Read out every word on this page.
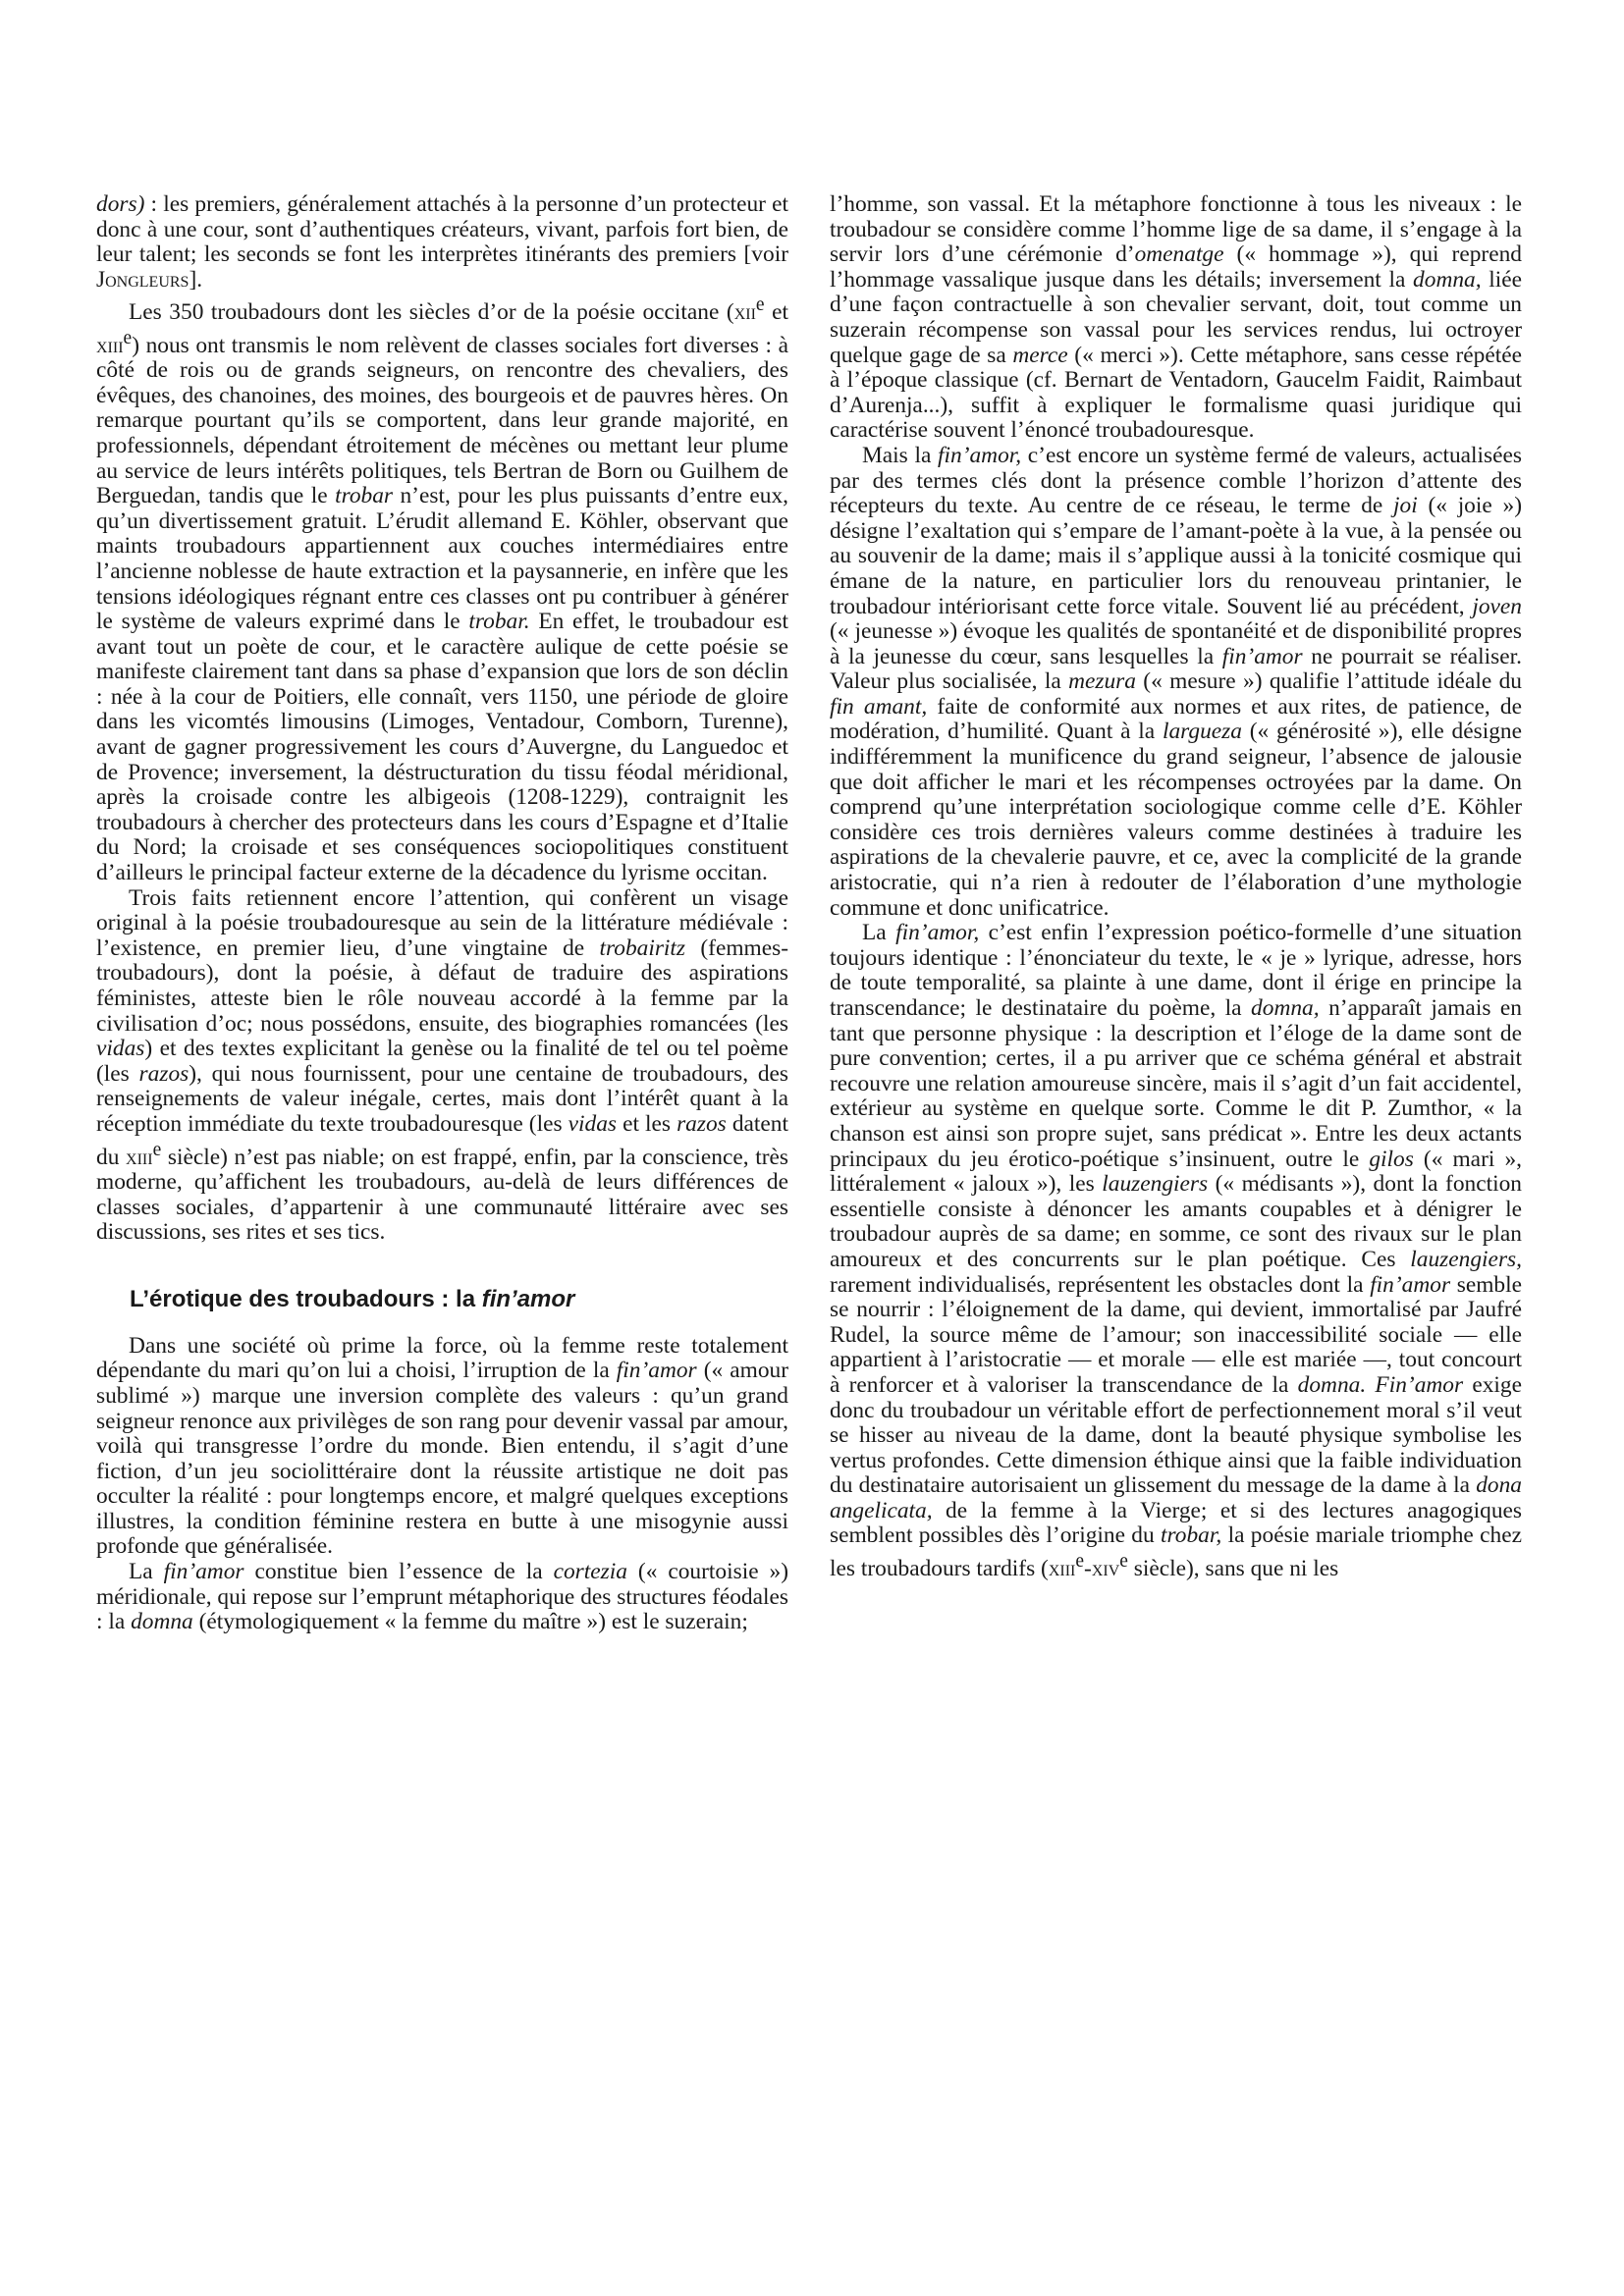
dors) : les premiers, généralement attachés à la personne d’un protecteur et donc à une cour, sont d’authentiques créateurs, vivant, parfois fort bien, de leur talent; les seconds se font les interprètes itinérants des premiers [voir Jongleurs].

Les 350 troubadours dont les siècles d’or de la poésie occitane (xii$^e$ et xiii$^e$) nous ont transmis le nom relèvent de classes sociales fort diverses : à côté de rois ou de grands seigneurs, on rencontre des chevaliers, des évêques, des chanoines, des moines, des bourgeois et de pauvres hères. On remarque pourtant qu’ils se comportent, dans leur grande majorité, en professionnels, dépendant étroitement de mécènes ou mettant leur plume au service de leurs intérêts politiques, tels Bertran de Born ou Guilhem de Berguedan, tandis que le trobar n’est, pour les plus puissants d’entre eux, qu’un divertissement gratuit. L’érudit allemand E. Köhler, observant que maints troubadours appartiennent aux couches intermédiaires entre l’ancienne noblesse de haute extraction et la paysannerie, en infère que les tensions idéologiques régnant entre ces classes ont pu contribuer à générer le système de valeurs exprimé dans le trobar. En effet, le troubadour est avant tout un poète de cour, et le caractère aulique de cette poésie se manifeste clairement tant dans sa phase d’expansion que lors de son déclin : née à la cour de Poitiers, elle connaît, vers 1150, une période de gloire dans les vicomtés limousins (Limoges, Ventadour, Comborn, Turenne), avant de gagner progressivement les cours d’Auvergne, du Languedoc et de Provence; inversement, la déstructuration du tissu féodal méridional, après la croisade contre les albigeois (1208-1229), contraignit les troubadours à chercher des protecteurs dans les cours d’Espagne et d’Italie du Nord; la croisade et ses conséquences sociopolitiques constituent d’ailleurs le principal facteur externe de la décadence du lyrisme occitan.

Trois faits retiennent encore l’attention, qui confèrent un visage original à la poésie troubadouresque au sein de la littérature médiévale : l’existence, en premier lieu, d’une vingtaine de trobairitz (femmes-troubadours), dont la poésie, à défaut de traduire des aspirations féministes, atteste bien le rôle nouveau accordé à la femme par la civilisation d’oc; nous possédons, ensuite, des biographies romancées (les vidas) et des textes explicitant la genèse ou la finalité de tel ou tel poème (les razos), qui nous fournissent, pour une centaine de troubadours, des renseignements de valeur inégale, certes, mais dont l’intérêt quant à la réception immédiate du texte troubadouresque (les vidas et les razos datent du xiii$^e$ siècle) n’est pas niable; on est frappé, enfin, par la conscience, très moderne, qu’affichent les troubadours, au-delà de leurs différences de classes sociales, d’appartenir à une communauté littéraire avec ses discussions, ses rites et ses tics.

L’érotique des troubadours : la fin’amor

Dans une société où prime la force, où la femme reste totalement dépendante du mari qu’on lui a choisi, l’irruption de la fin’amor (« amour sublimé ») marque une inversion complète des valeurs : qu’un grand seigneur renonce aux privilèges de son rang pour devenir vassal par amour, voilà qui transgresse l’ordre du monde. Bien entendu, il s’agit d’une fiction, d’un jeu sociolittéraire dont la réussite artistique ne doit pas occulter la réalité : pour longtemps encore, et malgré quelques exceptions illustres, la condition féminine restera en butte à une misogynie aussi profonde que généralisée.

La fin’amor constitue bien l’essence de la cortezia (« courtoisie ») méridionale, qui repose sur l’emprunt métaphorique des structures féodales : la domna (étymologiquement « la femme du maître ») est le suzerain;

l’homme, son vassal. Et la métaphore fonctionne à tous les niveaux : le troubadour se considère comme l’homme lige de sa dame, il s’engage à la servir lors d’une cérémonie d’omenatge (« hommage »), qui reprend l’hommage vassalique jusque dans les détails; inversement la domna, liée d’une façon contractuelle à son chevalier servant, doit, tout comme un suzerain récompense son vassal pour les services rendus, lui octroyer quelque gage de sa merce (« merci »). Cette métaphore, sans cesse répétée à l’époque classique (cf. Bernart de Ventadorn, Gaucelm Faidit, Raimbaut d’Aurenja...), suffit à expliquer le formalisme quasi juridique qui caractérise souvent l’énoncé troubadouresque.

Mais la fin’amor, c’est encore un système fermé de valeurs, actualisées par des termes clés dont la présence comble l’horizon d’attente des récepteurs du texte. Au centre de ce réseau, le terme de joi (« joie ») désigne l’exaltation qui s’empare de l’amant-poète à la vue, à la pensée ou au souvenir de la dame; mais il s’applique aussi à la tonicité cosmique qui émane de la nature, en particulier lors du renouveau printanier, le troubadour intériorisant cette force vitale. Souvent lié au précédent, joven (« jeunesse ») évoque les qualités de spontanéité et de disponibilité propres à la jeunesse du cœur, sans lesquelles la fin’amor ne pourrait se réaliser. Valeur plus socialisée, la mezura (« mesure ») qualifie l’attitude idéale du fin amant, faite de conformité aux normes et aux rites, de patience, de modération, d’humilité. Quant à la largueza (« générosité »), elle désigne indifféremment la munificence du grand seigneur, l’absence de jalousie que doit afficher le mari et les récompenses octroyées par la dame. On comprend qu’une interprétation sociologique comme celle d’E. Köhler considère ces trois dernières valeurs comme destinées à traduire les aspirations de la chevalerie pauvre, et ce, avec la complicité de la grande aristocratie, qui n’a rien à redouter de l’élaboration d’une mythologie commune et donc unificatrice.

La fin’amor, c’est enfin l’expression poético-formelle d’une situation toujours identique : l’énonciateur du texte, le « je » lyrique, adresse, hors de toute temporalité, sa plainte à une dame, dont il érige en principe la transcendance; le destinataire du poème, la domna, n’apparaît jamais en tant que personne physique : la description et l’éloge de la dame sont de pure convention; certes, il a pu arriver que ce schéma général et abstrait recouvre une relation amoureuse sincère, mais il s’agit d’un fait accidentel, extérieur au système en quelque sorte. Comme le dit P. Zumthor, « la chanson est ainsi son propre sujet, sans prédicat ». Entre les deux actants principaux du jeu érotico-poétique s’insinuent, outre le gilos (« mari », littéralement « jaloux »), les lauzengiers (« médisants »), dont la fonction essentielle consiste à dénoncer les amants coupables et à dénigrer le troubadour auprès de sa dame; en somme, ce sont des rivaux sur le plan amoureux et des concurrents sur le plan poétique. Ces lauzengiers, rarement individualisés, représentent les obstacles dont la fin’amor semble se nourrir : l’éloignement de la dame, qui devient, immortalisé par Jaufré Rudel, la source même de l’amour; son inaccessibilité sociale — elle appartient à l’aristocratie — et morale — elle est mariée —, tout concourt à renforcer et à valoriser la transcendance de la domna. Fin’amor exige donc du troubadour un véritable effort de perfectionnement moral s’il veut se hisser au niveau de la dame, dont la beauté physique symbolise les vertus profondes. Cette dimension éthique ainsi que la faible individuation du destinataire autorisaient un glissement du message de la dame à la dona angelicata, de la femme à la Vierge; et si des lectures anagogiques semblent possibles dès l’origine du trobar, la poésie mariale triomphe chez les troubadours tardifs (xiii$^e$-xiv$^e$ siècle), sans que ni les
